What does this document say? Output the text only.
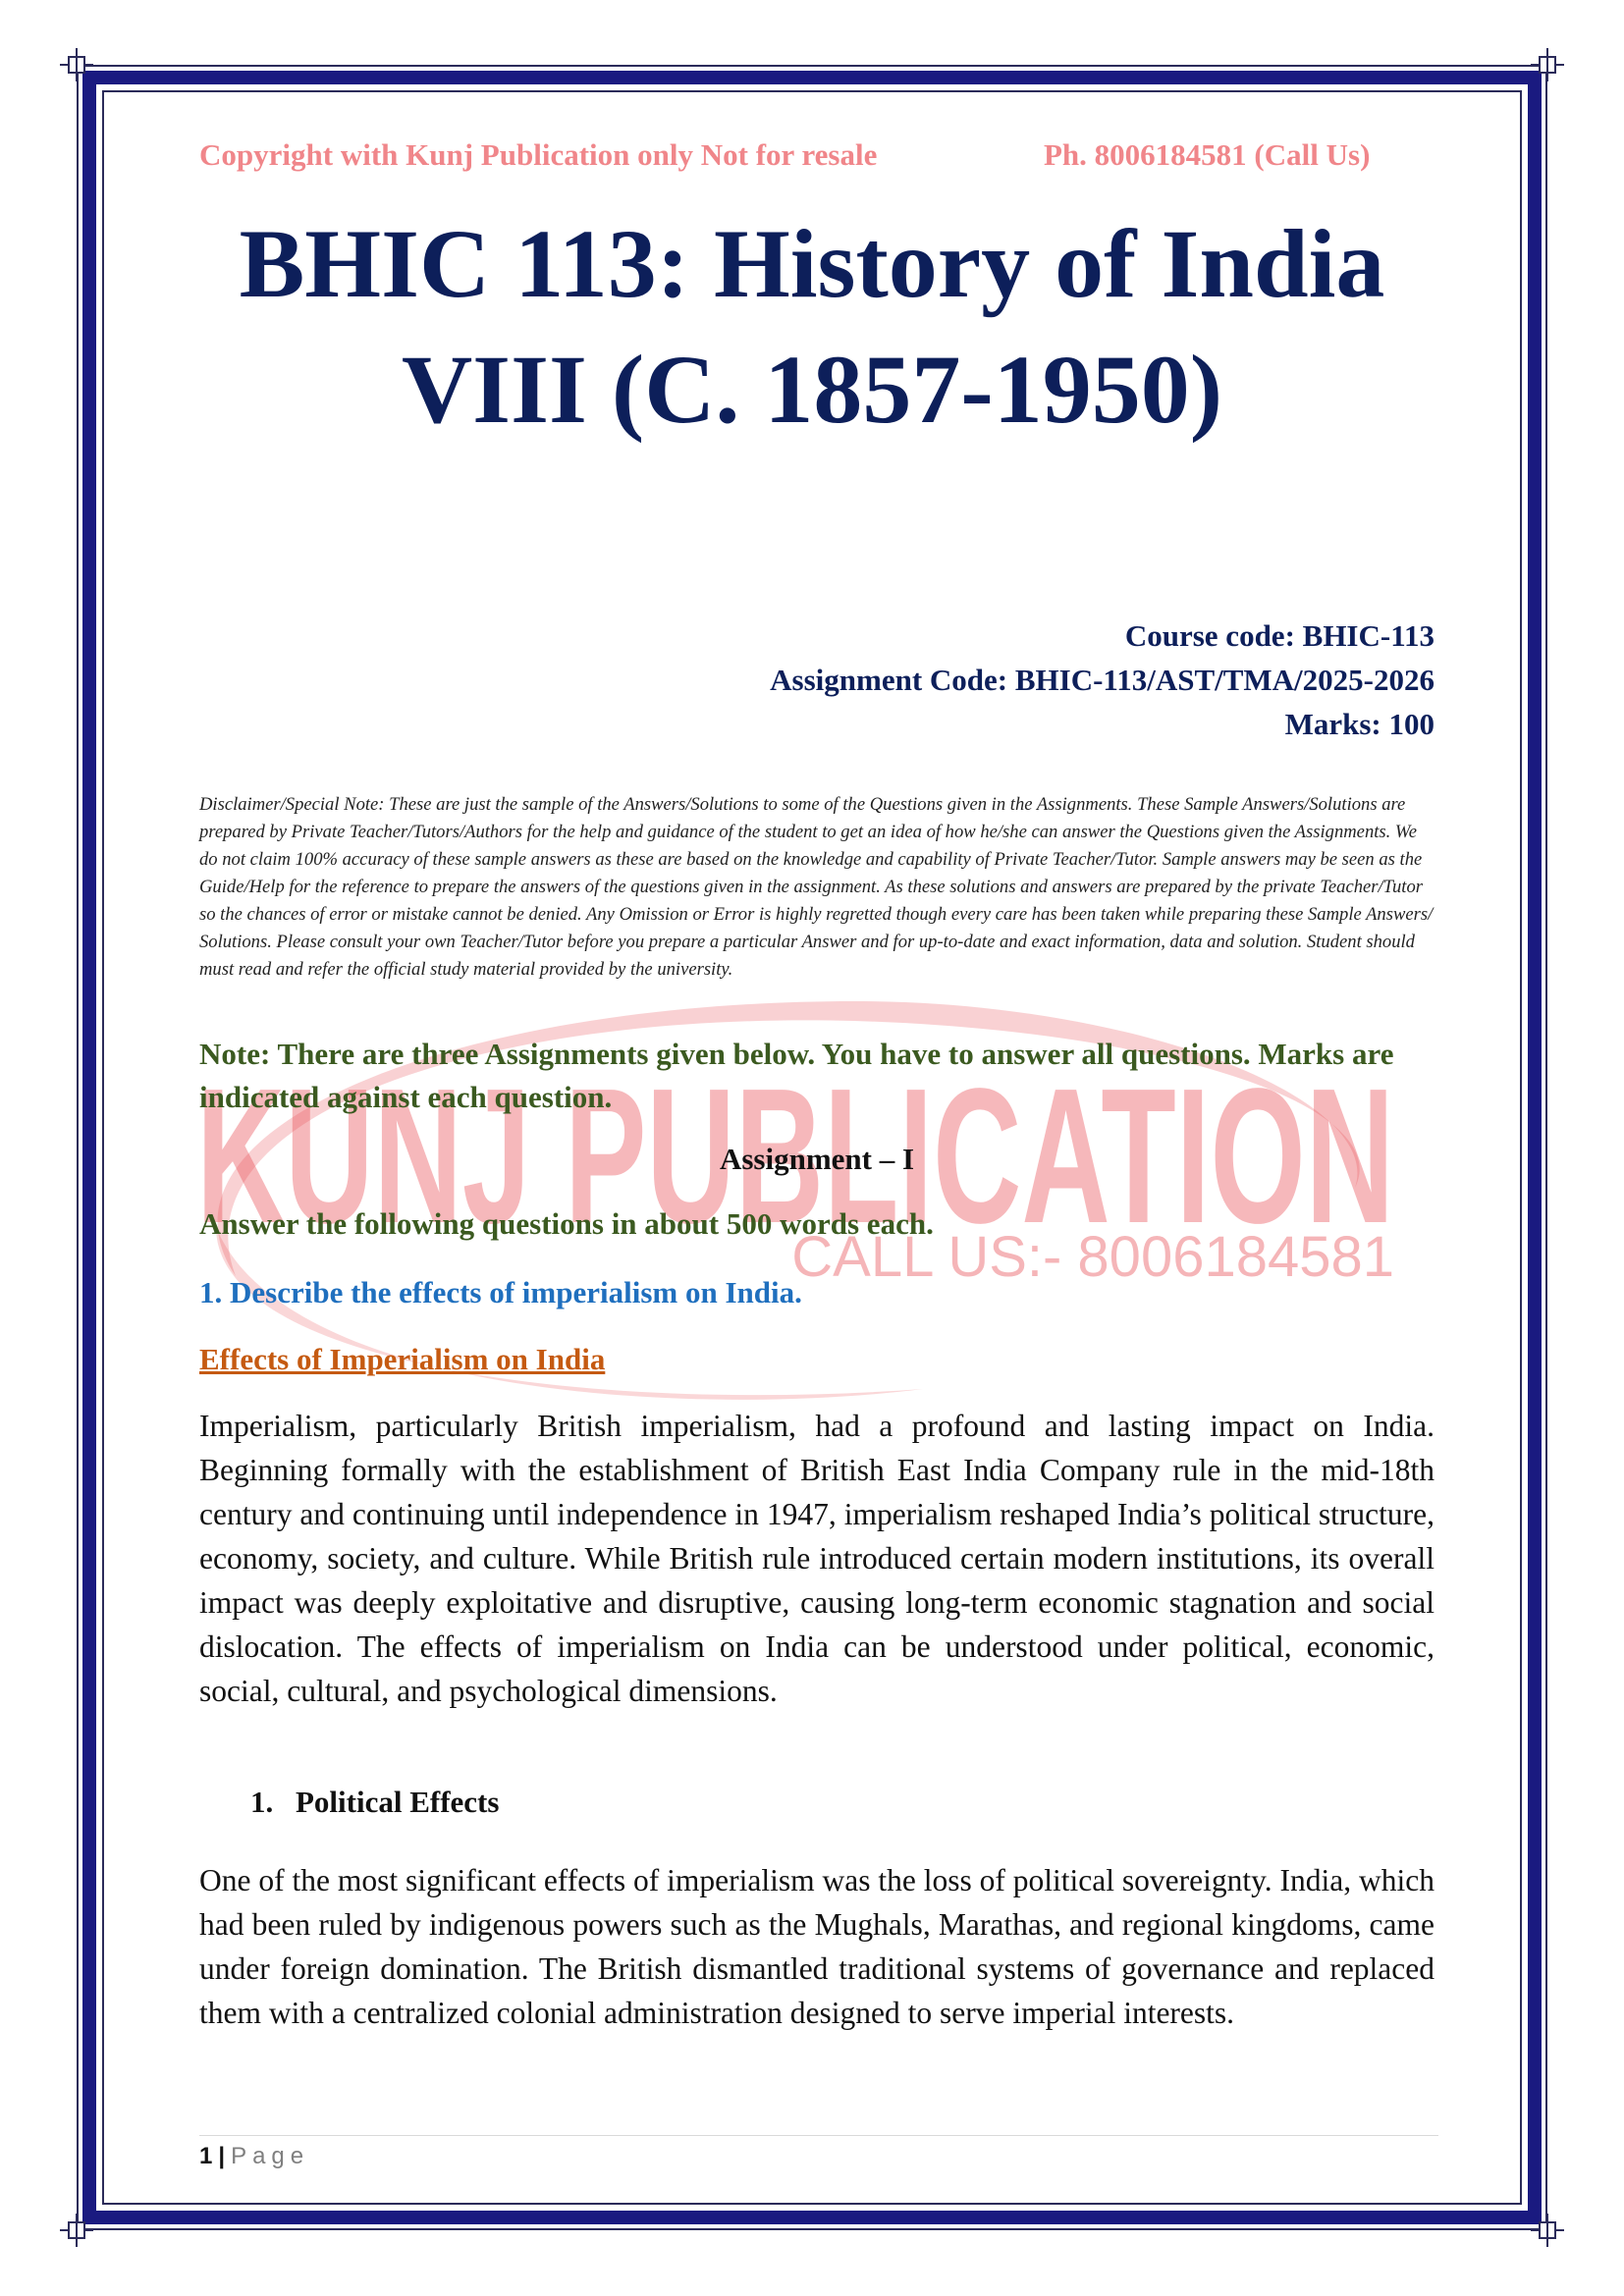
KUNJ PUBLICATION
CALL US:- 8006184581
Copyright with Kunj Publication only Not for resale	Ph. 8006184581 (Call Us)
BHIC 113: History of India
VIII (C. 1857-1950)
Course code: BHIC-113
Assignment Code: BHIC-113/AST/TMA/2025-2026
Marks: 100
Disclaimer/Special Note: These are just the sample of the Answers/Solutions to some of the Questions given in the Assignments. These Sample Answers/Solutions are prepared by Private Teacher/Tutors/Authors for the help and guidance of the student to get an idea of how he/she can answer the Questions given the Assignments. We do not claim 100% accuracy of these sample answers as these are based on the knowledge and capability of Private Teacher/Tutor. Sample answers may be seen as the Guide/Help for the reference to prepare the answers of the questions given in the assignment. As these solutions and answers are prepared by the private Teacher/Tutor so the chances of error or mistake cannot be denied. Any Omission or Error is highly regretted though every care has been taken while preparing these Sample Answers/ Solutions. Please consult your own Teacher/Tutor before you prepare a particular Answer and for up-to-date and exact information, data and solution. Student should must read and refer the official study material provided by the university.
Note: There are three Assignments given below. You have to answer all questions. Marks are indicated against each question.
Assignment – I
Answer the following questions in about 500 words each.
1. Describe the effects of imperialism on India.
Effects of Imperialism on India
Imperialism, particularly British imperialism, had a profound and lasting impact on India. Beginning formally with the establishment of British East India Company rule in the mid-18th century and continuing until independence in 1947, imperialism reshaped India’s political structure, economy, society, and culture. While British rule introduced certain modern institutions, its overall impact was deeply exploitative and disruptive, causing long-term economic stagnation and social dislocation. The effects of imperialism on India can be understood under political, economic, social, cultural, and psychological dimensions.
1. Political Effects
One of the most significant effects of imperialism was the loss of political sovereignty. India, which had been ruled by indigenous powers such as the Mughals, Marathas, and regional kingdoms, came under foreign domination. The British dismantled traditional systems of governance and replaced them with a centralized colonial administration designed to serve imperial interests.
1 | Page
